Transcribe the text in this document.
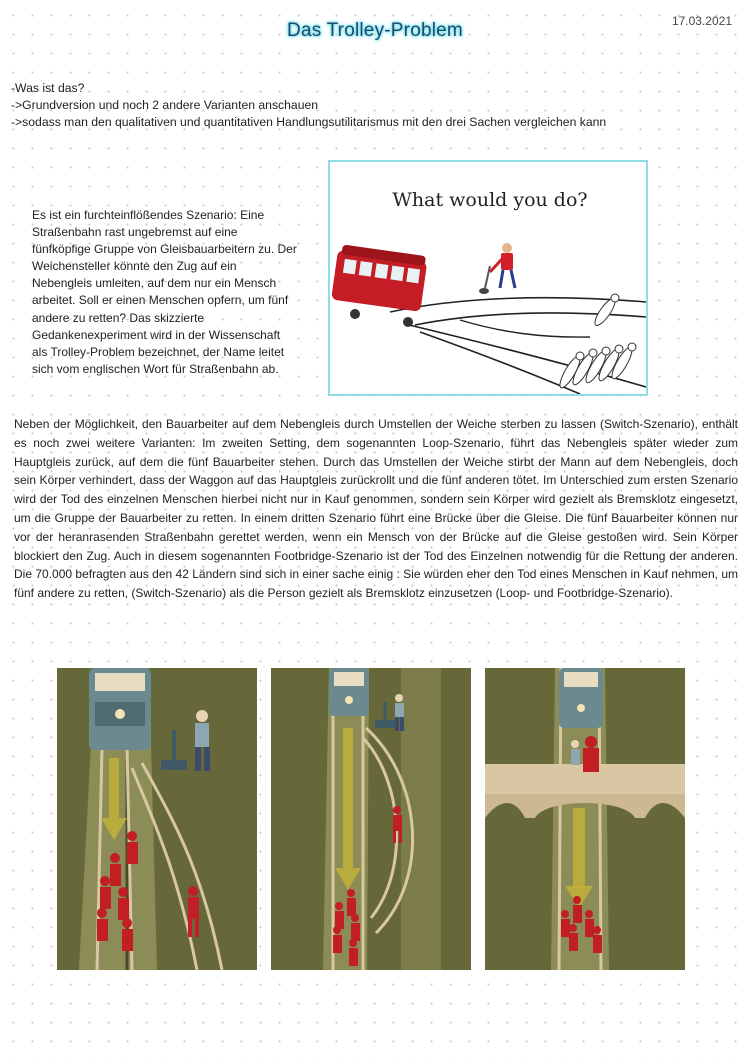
17.03.2021
Das Trolley-Problem
-Was ist das?
->Grundversion und noch 2 andere Varianten anschauen
->sodass man den qualitativen und quantitativen Handlungsutilitarismus mit den drei Sachen vergleichen kann
Es ist ein furchteinflößendes Szenario: Eine Straßenbahn rast ungebremst auf eine fünfköpfige Gruppe von Gleisbauarbeitern zu. Der Weichensteller könnte den Zug auf ein Nebengleis umleiten, auf dem nur ein Mensch arbeitet. Soll er einen Menschen opfern, um fünf andere zu retten? Das skizzierte Gedankenexperiment wird in der Wissenschaft als Trolley-Problem bezeichnet, der Name leitet sich vom englischen Wort für Straßenbahn ab.
What would you do?
Neben der Möglichkeit, den Bauarbeiter auf dem Nebengleis durch Umstellen der Weiche sterben zu lassen (Switch-Szenario), enthält es noch zwei weitere Varianten: Im zweiten Setting, dem sogenannten Loop-Szenario, führt das Nebengleis später wieder zum Hauptgleis zurück, auf dem die fünf Bauarbeiter stehen. Durch das Umstellen der Weiche stirbt der Mann auf dem Nebengleis, doch sein Körper verhindert, dass der Waggon auf das Hauptgleis zurückrollt und die fünf anderen tötet. Im Unterschied zum ersten Szenario wird der Tod des einzelnen Menschen hierbei nicht nur in Kauf genommen, sondern sein Körper wird gezielt als Bremsklotz eingesetzt, um die Gruppe der Bauarbeiter zu retten. In einem dritten Szenario führt eine Brücke über die Gleise. Die fünf Bauarbeiter können nur vor der heranrasenden Straßenbahn gerettet werden, wenn ein Mensch von der Brücke auf die Gleise gestoßen wird. Sein Körper blockiert den Zug. Auch in diesem sogenannten Footbridge-Szenario ist der Tod des Einzelnen notwendig für die Rettung der anderen. Die 70.000 befragten aus den 42 Ländern sind sich in einer sache einig : Sie würden eher den Tod eines Menschen in Kauf nehmen, um fünf andere zu retten, (Switch-Szenario) als die Person gezielt als Bremsklotz einzusetzen (Loop- und Footbridge-Szenario).
